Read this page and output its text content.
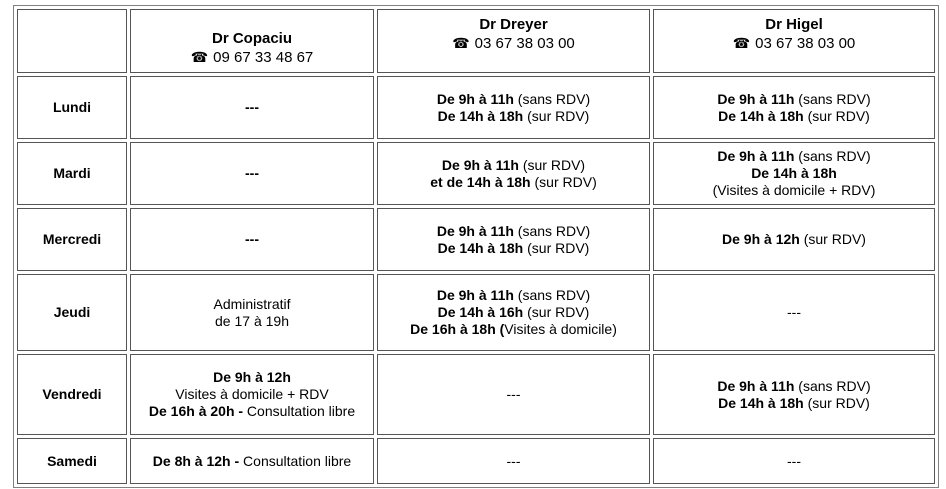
	Dr Copaciu
☎ 09 67 33 48 67	Dr Dreyer
☎ 03 67 38 03 00	Dr Higel
☎ 03 67 38 03 00

Lundi	---	De 9h à 11h (sans RDV)
De 14h à 18h (sur RDV)	De 9h à 11h (sans RDV)
De 14h à 18h (sur RDV)

Mardi	---	De 9h à 11h (sur RDV)
et de 14h à 18h (sur RDV)	De 9h à 11h (sans RDV)
De 14h à 18h
(Visites à domicile + RDV)

Mercredi	---	De 9h à 11h (sans RDV)
De 14h à 18h (sur RDV)	De 9h à 12h (sur RDV)

Jeudi	Administratif
de 17 à 19h	De 9h à 11h (sans RDV)
De 14h à 16h (sur RDV)
De 16h à 18h (Visites à domicile)	---

Vendredi	De 9h à 12h
Visites à domicile + RDV
De 16h à 20h - Consultation libre	---	De 9h à 11h (sans RDV)
De 14h à 18h (sur RDV)

Samedi	De 8h à 12h - Consultation libre	---	---
